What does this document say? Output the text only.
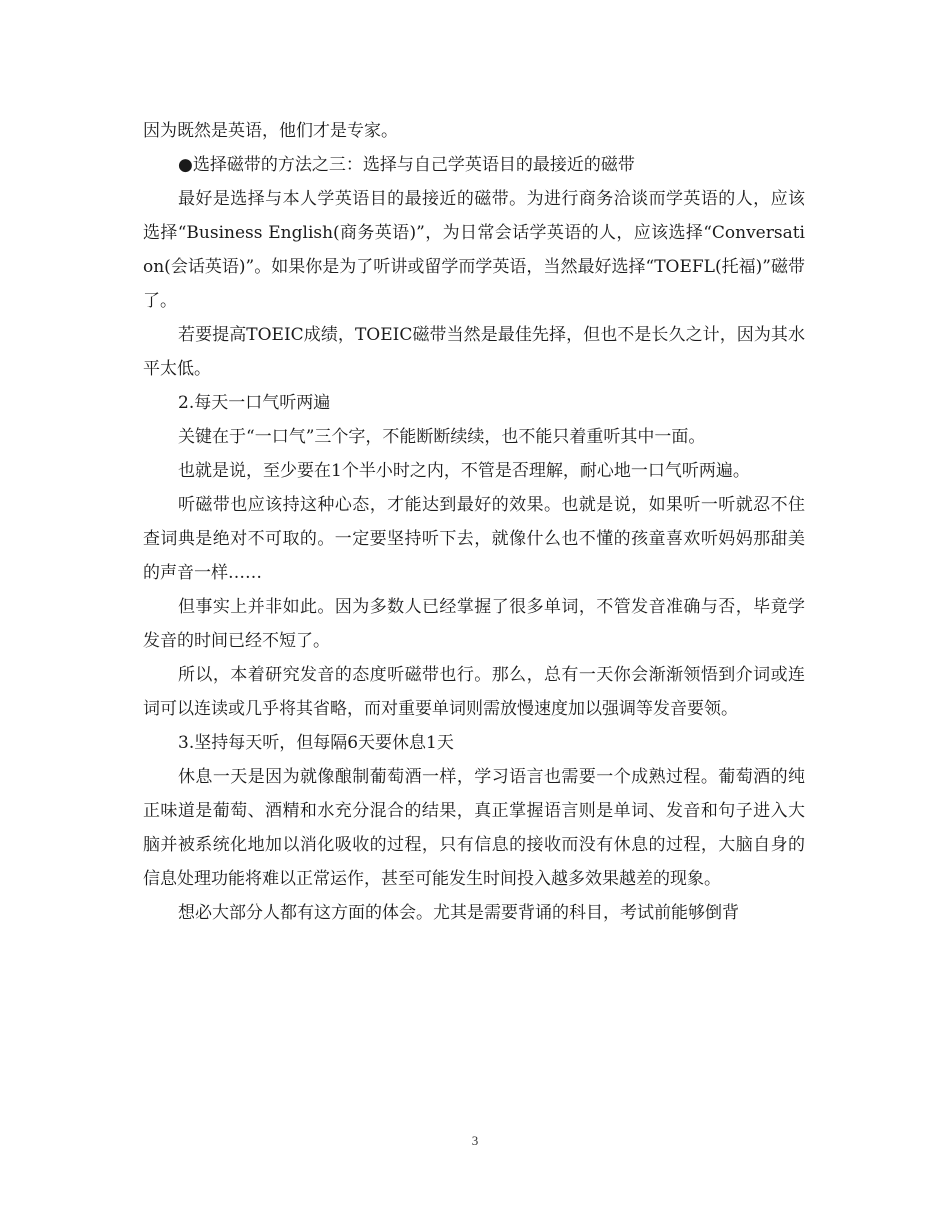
因为既然是英语，他们才是专家。

●选择磁带的方法之三：选择与自己学英语目的最接近的磁带

最好是选择与本人学英语目的最接近的磁带。为进行商务洽谈而学英语的人，应该选择“Business English(商务英语)”，为日常会话学英语的人，应该选择“Conversation(会话英语)”。如果你是为了听讲或留学而学英语，当然最好选择“TOEFL(托福)”磁带了。

若要提高TOEIC成绩，TOEIC磁带当然是最佳先择，但也不是长久之计，因为其水平太低。

2.每天一口气听两遍

关键在于“一口气”三个字，不能断断续续，也不能只着重听其中一面。

也就是说，至少要在1个半小时之内，不管是否理解，耐心地一口气听两遍。

听磁带也应该持这种心态，才能达到最好的效果。也就是说，如果听一听就忍不住查词典是绝对不可取的。一定要坚持听下去，就像什么也不懂的孩童喜欢听妈妈那甜美的声音一样……

但事实上并非如此。因为多数人已经掌握了很多单词，不管发音准确与否，毕竟学发音的时间已经不短了。

所以，本着研究发音的态度听磁带也行。那么，总有一天你会渐渐领悟到介词或连词可以连读或几乎将其省略，而对重要单词则需放慢速度加以强调等发音要领。

3.坚持每天听，但每隔6天要休息1天

休息一天是因为就像酿制葡萄酒一样，学习语言也需要一个成熟过程。葡萄酒的纯正味道是葡萄、酒精和水充分混合的结果，真正掌握语言则是单词、发音和句子进入大脑并被系统化地加以消化吸收的过程，只有信息的接收而没有休息的过程，大脑自身的信息处理功能将难以正常运作，甚至可能发生时间投入越多效果越差的现象。

想必大部分人都有这方面的体会。尤其是需要背诵的科目，考试前能够倒背

3
